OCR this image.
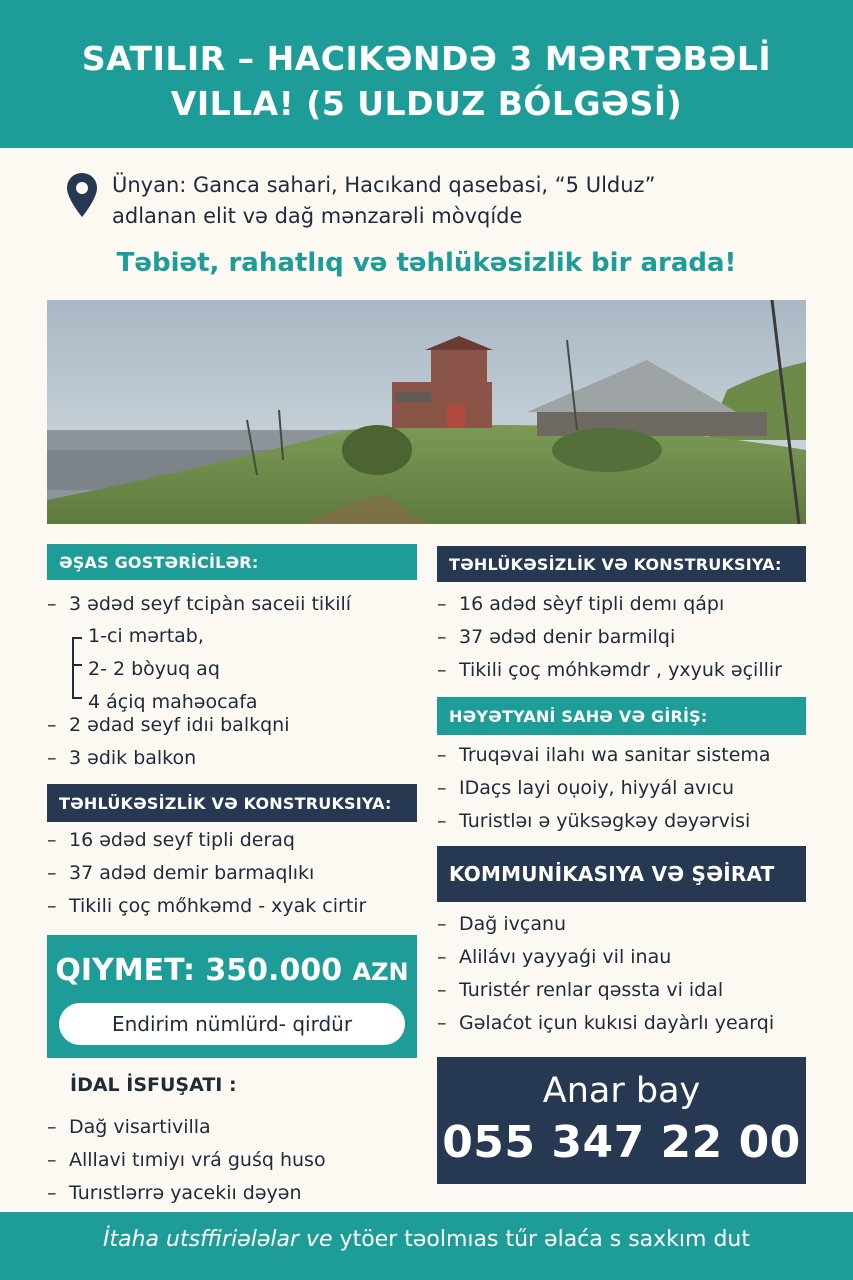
SATILIR – HACIKƏNDƏ 3 MƏRTƏBƏLİ
VILLA! (5 ULDUZ BÓLGƏSİ)
Ünyan: Ganca sahari, Hacıkand qasebasi, “5 Ulduz”
adlanan elit və dağ mənzarəli mòvqíde
Təbiət, rahatlıq və təhlükəsizlik bir arada!
ƏŞAS GOSTƏRİCİLƏR:
– 3 ədəd seyf tcipàn saceii tikilí
1-ci mərtab,
2- 2 bòyuq aq
4 áçiq mahəocafa
– 2 ədad seyf idıi balkqni
– 3 ədik balkon
TƏHLÜKƏSİZLİK VƏ KONSTRUKSIYA:
– 16 ədəd seyf tipli deraq
– 37 adəd demir barmaqlıkı
– Tikili çoç mőhkəmd - xyak cirtir
QIYMET: 350.000 AZN
Endirim nümlürd- qirdür
İDAL İSFUŞATI :
– Dağ visartivilla
– Alllavi tımiyı vrá guśq huso
– Turıstlərrə yacekiı dəyən
TƏHLÜKƏSİZLİK VƏ KONSTRUKSIYA:
– 16 adəd sèyf tipli demı qápı
– 37 ədəd denir barmilqi
– Tikili çoç móhkəmdr , yxyuk əçillir
HƏYƏTYANİ SAHƏ VƏ GİRİŞ:
– Truqəvai ilahı wa sanitar sistema
– IDaçs layi oụoiy, hiyyál avıcu
– Turistləı ə yüksəgkəy dəyərvisi
KOMMUNİKASIYA VƏ ŞƏİRAT
– Dağ ivçanu
– Alilávı yayyaǵi vil inau
– Turistér renlar qəssta vi idal
– Gəlaćot içun kukısi dayàrlı yearqi
Anar bay
055 347 22 00
İtaha utsffiriələlar ve ytöer təolmıas tűr əlaća s saxkım dut
